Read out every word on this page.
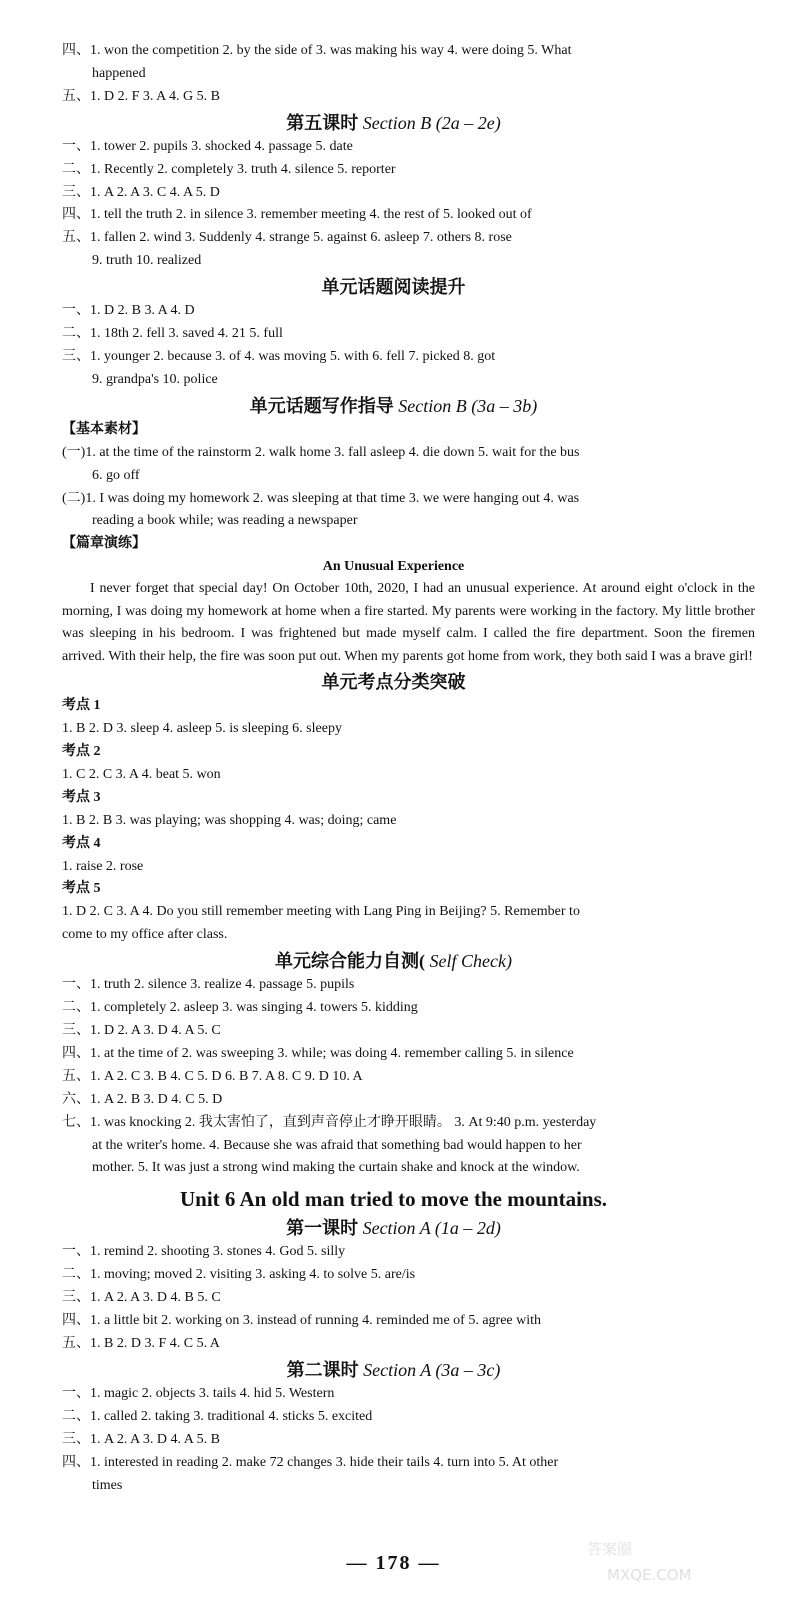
四、1. won the competition 2. by the side of 3. was making his way 4. were doing 5. What
happened
五、1. D 2. F 3. A 4. G 5. B
第五课时 Section B (2a – 2e)
一、1. tower 2. pupils 3. shocked 4. passage 5. date
二、1. Recently 2. completely 3. truth 4. silence 5. reporter
三、1. A 2. A 3. C 4. A 5. D
四、1. tell the truth 2. in silence 3. remember meeting 4. the rest of 5. looked out of
五、1. fallen 2. wind 3. Suddenly 4. strange 5. against 6. asleep 7. others 8. rose
9. truth 10. realized
单元话题阅读提升
一、1. D 2. B 3. A 4. D
二、1. 18th 2. fell 3. saved 4. 21 5. full
三、1. younger 2. because 3. of 4. was moving 5. with 6. fell 7. picked 8. got
9. grandpa's 10. police
单元话题写作指导 Section B (3a – 3b)
【基本素材】
(一)1. at the time of the rainstorm 2. walk home 3. fall asleep 4. die down 5. wait for the bus
6. go off
(二)1. I was doing my homework 2. was sleeping at that time 3. we were hanging out 4. was
reading a book while; was reading a newspaper
【篇章演练】
An Unusual Experience
I never forget that special day! On October 10th, 2020, I had an unusual experience. At around eight o'clock in the morning, I was doing my homework at home when a fire started. My parents were working in the factory. My little brother was sleeping in his bedroom. I was frightened but made myself calm. I called the fire department. Soon the firemen arrived. With their help, the fire was soon put out. When my parents got home from work, they both said I was a brave girl!
单元考点分类突破
考点 1
1. B 2. D 3. sleep 4. asleep 5. is sleeping 6. sleepy
考点 2
1. C 2. C 3. A 4. beat 5. won
考点 3
1. B 2. B 3. was playing; was shopping 4. was; doing; came
考点 4
1. raise 2. rose
考点 5
1. D 2. C 3. A 4. Do you still remember meeting with Lang Ping in Beijing? 5. Remember to
come to my office after class.
单元综合能力自测( Self Check)
一、1. truth 2. silence 3. realize 4. passage 5. pupils
二、1. completely 2. asleep 3. was singing 4. towers 5. kidding
三、1. D 2. A 3. D 4. A 5. C
四、1. at the time of 2. was sweeping 3. while; was doing 4. remember calling 5. in silence
五、1. A 2. C 3. B 4. C 5. D 6. B 7. A 8. C 9. D 10. A
六、1. A 2. B 3. D 4. C 5. D
七、1. was knocking 2. 我太害怕了，直到声音停止才睁开眼睛。 3. At 9:40 p.m. yesterday
at the writer's home. 4. Because she was afraid that something bad would happen to her
mother. 5. It was just a strong wind making the curtain shake and knock at the window.
Unit 6 An old man tried to move the mountains.
第一课时 Section A (1a – 2d)
一、1. remind 2. shooting 3. stones 4. God 5. silly
二、1. moving; moved 2. visiting 3. asking 4. to solve 5. are/is
三、1. A 2. A 3. D 4. B 5. C
四、1. a little bit 2. working on 3. instead of running 4. reminded me of 5. agree with
五、1. B 2. D 3. F 4. C 5. A
第二课时 Section A (3a – 3c)
一、1. magic 2. objects 3. tails 4. hid 5. Western
二、1. called 2. taking 3. traditional 4. sticks 5. excited
三、1. A 2. A 3. D 4. A 5. B
四、1. interested in reading 2. make 72 changes 3. hide their tails 4. turn into 5. At other
times
— 178 —
答案圈
MXQE.COM
